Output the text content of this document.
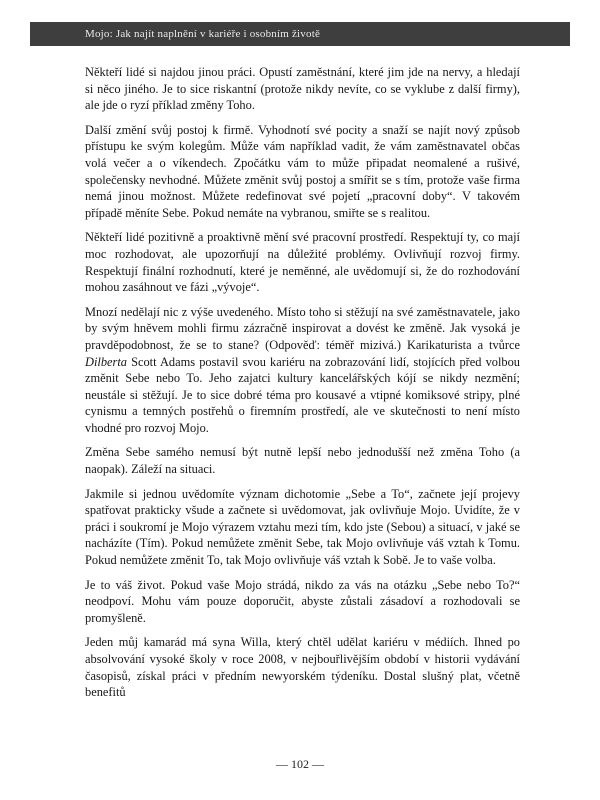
Mojo: Jak najít naplnění v kariéře i osobním životě

Někteří lidé si najdou jinou práci. Opustí zaměstnání, které jim jde na nervy, a hledají si něco jiného. Je to sice riskantní (protože nikdy nevíte, co se vyklube z další firmy), ale jde o ryzí příklad změny Toho.

Další změní svůj postoj k firmě. Vyhodnotí své pocity a snaží se najít nový způsob přístupu ke svým kolegům. Může vám například vadit, že vám zaměstnavatel občas volá večer a o víkendech. Zpočátku vám to může připadat neomalené a rušivé, společensky nevhodné. Můžete změnit svůj postoj a smířit se s tím, protože vaše firma nemá jinou možnost. Můžete redefinovat své pojetí „pracovní doby“. V takovém případě měníte Sebe. Pokud nemáte na vybranou, smiřte se s realitou.

Někteří lidé pozitivně a proaktivně mění své pracovní prostředí. Respektují ty, co mají moc rozhodovat, ale upozorňují na důležité problémy. Ovlivňují rozvoj firmy. Respektují finální rozhodnutí, které je neměnné, ale uvědomují si, že do rozhodování mohou zasáhnout ve fázi „vývoje“.

Mnozí nedělají nic z výše uvedeného. Místo toho si stěžují na své zaměstnavatele, jako by svým hněvem mohli firmu zázračně inspirovat a dovést ke změně. Jak vysoká je pravděpodobnost, že se to stane? (Odpověď: téměř mizivá.) Karikaturista a tvůrce Dilberta Scott Adams postavil svou kariéru na zobrazování lidí, stojících před volbou změnit Sebe nebo To. Jeho zajatci kultury kancelářských kójí se nikdy nezmění; neustále si stěžují. Je to sice dobré téma pro kousavé a vtipné komiksové stripy, plné cynismu a temných postřehů o firemním prostředí, ale ve skutečnosti to není místo vhodné pro rozvoj Mojo.

Změna Sebe samého nemusí být nutně lepší nebo jednodušší než změna Toho (a naopak). Záleží na situaci.

Jakmile si jednou uvědomíte význam dichotomie „Sebe a To“, začnete její projevy spatřovat prakticky všude a začnete si uvědomovat, jak ovlivňuje Mojo. Uvidíte, že v práci i soukromí je Mojo výrazem vztahu mezi tím, kdo jste (Sebou) a situací, v jaké se nacházíte (Tím). Pokud nemůžete změnit Sebe, tak Mojo ovlivňuje váš vztah k Tomu. Pokud nemůžete změnit To, tak Mojo ovlivňuje váš vztah k Sobě. Je to vaše volba.

Je to váš život. Pokud vaše Mojo strádá, nikdo za vás na otázku „Sebe nebo To?“ neodpoví. Mohu vám pouze doporučit, abyste zůstali zásadoví a rozhodovali se promyšleně.

Jeden můj kamarád má syna Willa, který chtěl udělat kariéru v médiích. Ihned po absolvování vysoké školy v roce 2008, v nejbouřlivějším období v historii vydávání časopisů, získal práci v předním newyorském týdeníku. Dostal slušný plat, včetně benefitů

— 102 —
